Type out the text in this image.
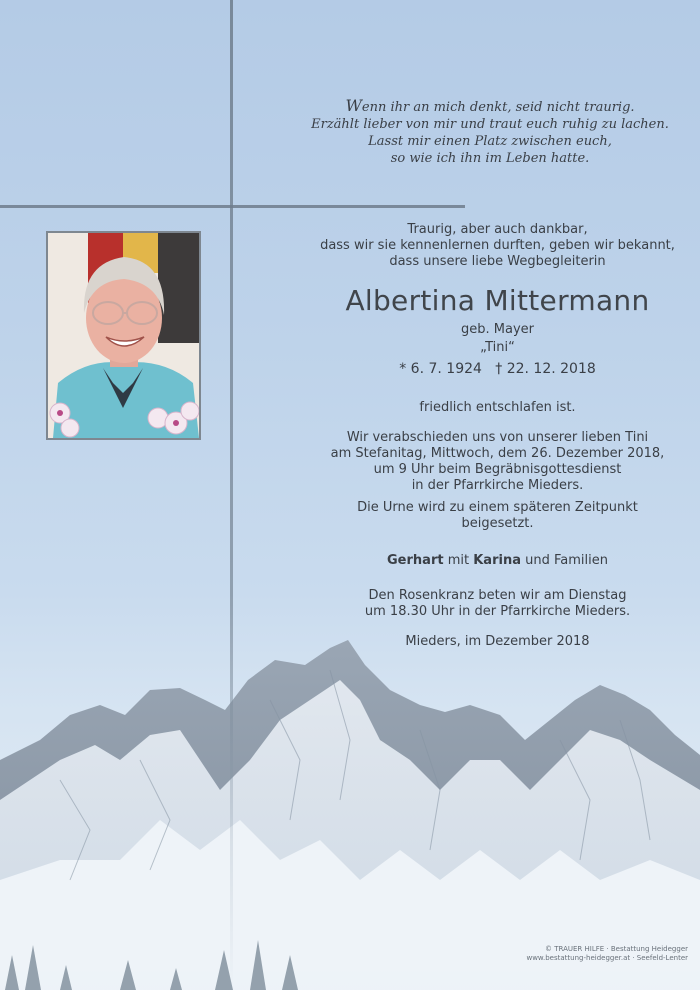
Wenn ihr an mich denkt, seid nicht traurig.
Erzählt lieber von mir und traut euch ruhig zu lachen.
Lasst mir einen Platz zwischen euch,
so wie ich ihn im Leben hatte.
Traurig, aber auch dankbar,
dass wir sie kennenlernen durften, geben wir bekannt,
dass unsere liebe Wegbegleiterin
Albertina Mittermann
geb. Mayer
„Tini“
* 6. 7. 1924   † 22. 12. 2018
friedlich entschlafen ist.
Wir verabschieden uns von unserer lieben Tini
am Stefanitag, Mittwoch, dem 26. Dezember 2018,
um 9 Uhr beim Begräbnisgottesdienst
in der Pfarrkirche Mieders.
Die Urne wird zu einem späteren Zeitpunkt
beigesetzt.
Gerhart mit Karina und Familien
Den Rosenkranz beten wir am Dienstag
um 18.30 Uhr in der Pfarrkirche Mieders.
Mieders, im Dezember 2018
© TRAUER HILFE · Bestattung Heidegger
www.bestattung-heidegger.at · Seefeld-Lenter
